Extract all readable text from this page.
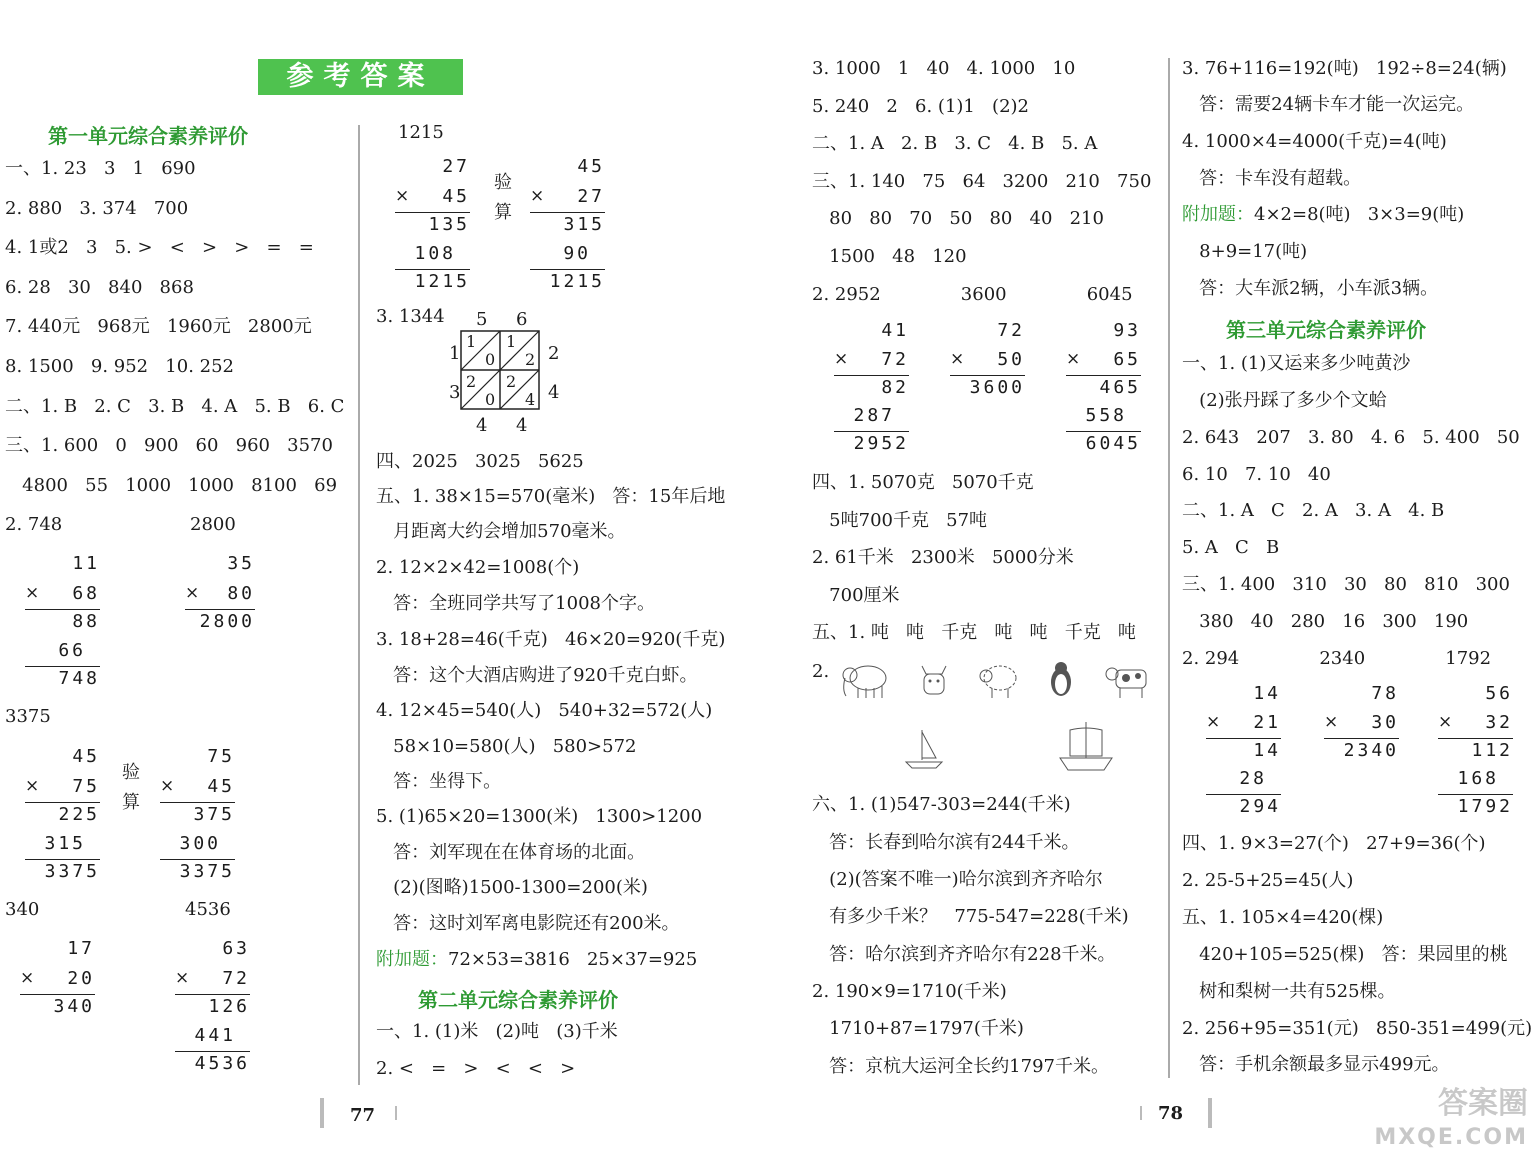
参考答案
第一单元综合素养评价
一、1. 23   3   1   690
2. 880   3. 374   700
4. 1或2   3   5. >   <   >   >   =   =
6. 28   30   840   868
7. 440元   968元   1960元   2800元
8. 1500   9. 952   10. 252
二、1. B   2. C   3. B   4. A   5. B   6. C
三、1. 600   0   900   60   960   3570
4800   55   1000   1000   8100   69
2. 748
3375
340
2800
4536
11
× 68
88
66
748
35
× 80
2800
45
× 75
225
315
3375
验算
75
× 45
375
300
3375
17
× 20
340
63
× 72
126
441
4536
1215
27
× 45
135
108
1215
验算
45
× 27
315
90
1215
3. 1344 5 6
2
4
1
3
4 4
1
0
1
2
2
0
2
4
四、2025   3025   5625
五、1. 38×15=570(毫米)   答：15年后地
月距离大约会增加570毫米。
2. 12×2×42=1008(个)
答：全班同学共写了1008个字。
3. 18+28=46(千克)   46×20=920(千克)
答：这个大酒店购进了920千克白虾。
4. 12×45=540(人)   540+32=572(人)
58×10=580(人)   580>572
答：坐得下。
5. (1)65×20=1300(米)   1300>1200
答：刘军现在在体育场的北面。
(2)(图略)1500-1300=200(米)
答：这时刘军离电影院还有200米。
附加题：72×53=3816   25×37=925
第二单元综合素养评价
一、1. (1)米   (2)吨   (3)千米
2. <   =   >   <   <   >
77
3. 1000   1   40   4. 1000   10
5. 240   2   6. (1)1   (2)2
二、1. A   2. B   3. C   4. B   5. A
三、1. 140   75   64   3200   210   750
80   80   70   50   80   40   210
1500   48   120
2. 2952              3600              6045
41
× 72
82
287
2952
72
× 50
3600
93
× 65
465
558
6045
四、1. 5070克   5070千克
5吨700千克   57吨
2. 61千米   2300米   5000分米
700厘米
五、1. 吨   吨   千克   吨   吨   千克   吨
2.
六、1. (1)547-303=244(千米)
答：长春到哈尔滨有244千米。
(2)(答案不唯一)哈尔滨到齐齐哈尔
有多少千米？   775-547=228(千米)
答：哈尔滨到齐齐哈尔有228千米。
2. 190×9=1710(千米)
1710+87=1797(千米)
答：京杭大运河全长约1797千米。
3. 76+116=192(吨)   192÷8=24(辆)
答：需要24辆卡车才能一次运完。
4. 1000×4=4000(千克)=4(吨)
答：卡车没有超载。
附加题：4×2=8(吨)   3×3=9(吨)
8+9=17(吨)
答：大车派2辆，小车派3辆。
第三单元综合素养评价
一、1. (1)又运来多少吨黄沙
(2)张丹踩了多少个文蛤
2. 643   207   3. 80   4. 6   5. 400   50
6. 10   7. 10   40
二、1. A   C   2. A   3. A   4. B
5. A   C   B
三、1. 400   310   30   80   810   300
380   40   280   16   300   190
2. 294              2340              1792
14
× 21
14
28
294
78
× 30
2340
56
× 32
112
168
1792
四、1. 9×3=27(个)   27+9=36(个)
2. 25-5+25=45(人)
五、1. 105×4=420(棵)
420+105=525(棵)   答：果园里的桃
树和梨树一共有525棵。
2. 256+95=351(元)   850-351=499(元)
答：手机余额最多显示499元。
78	答案圈
MXQE.COM
